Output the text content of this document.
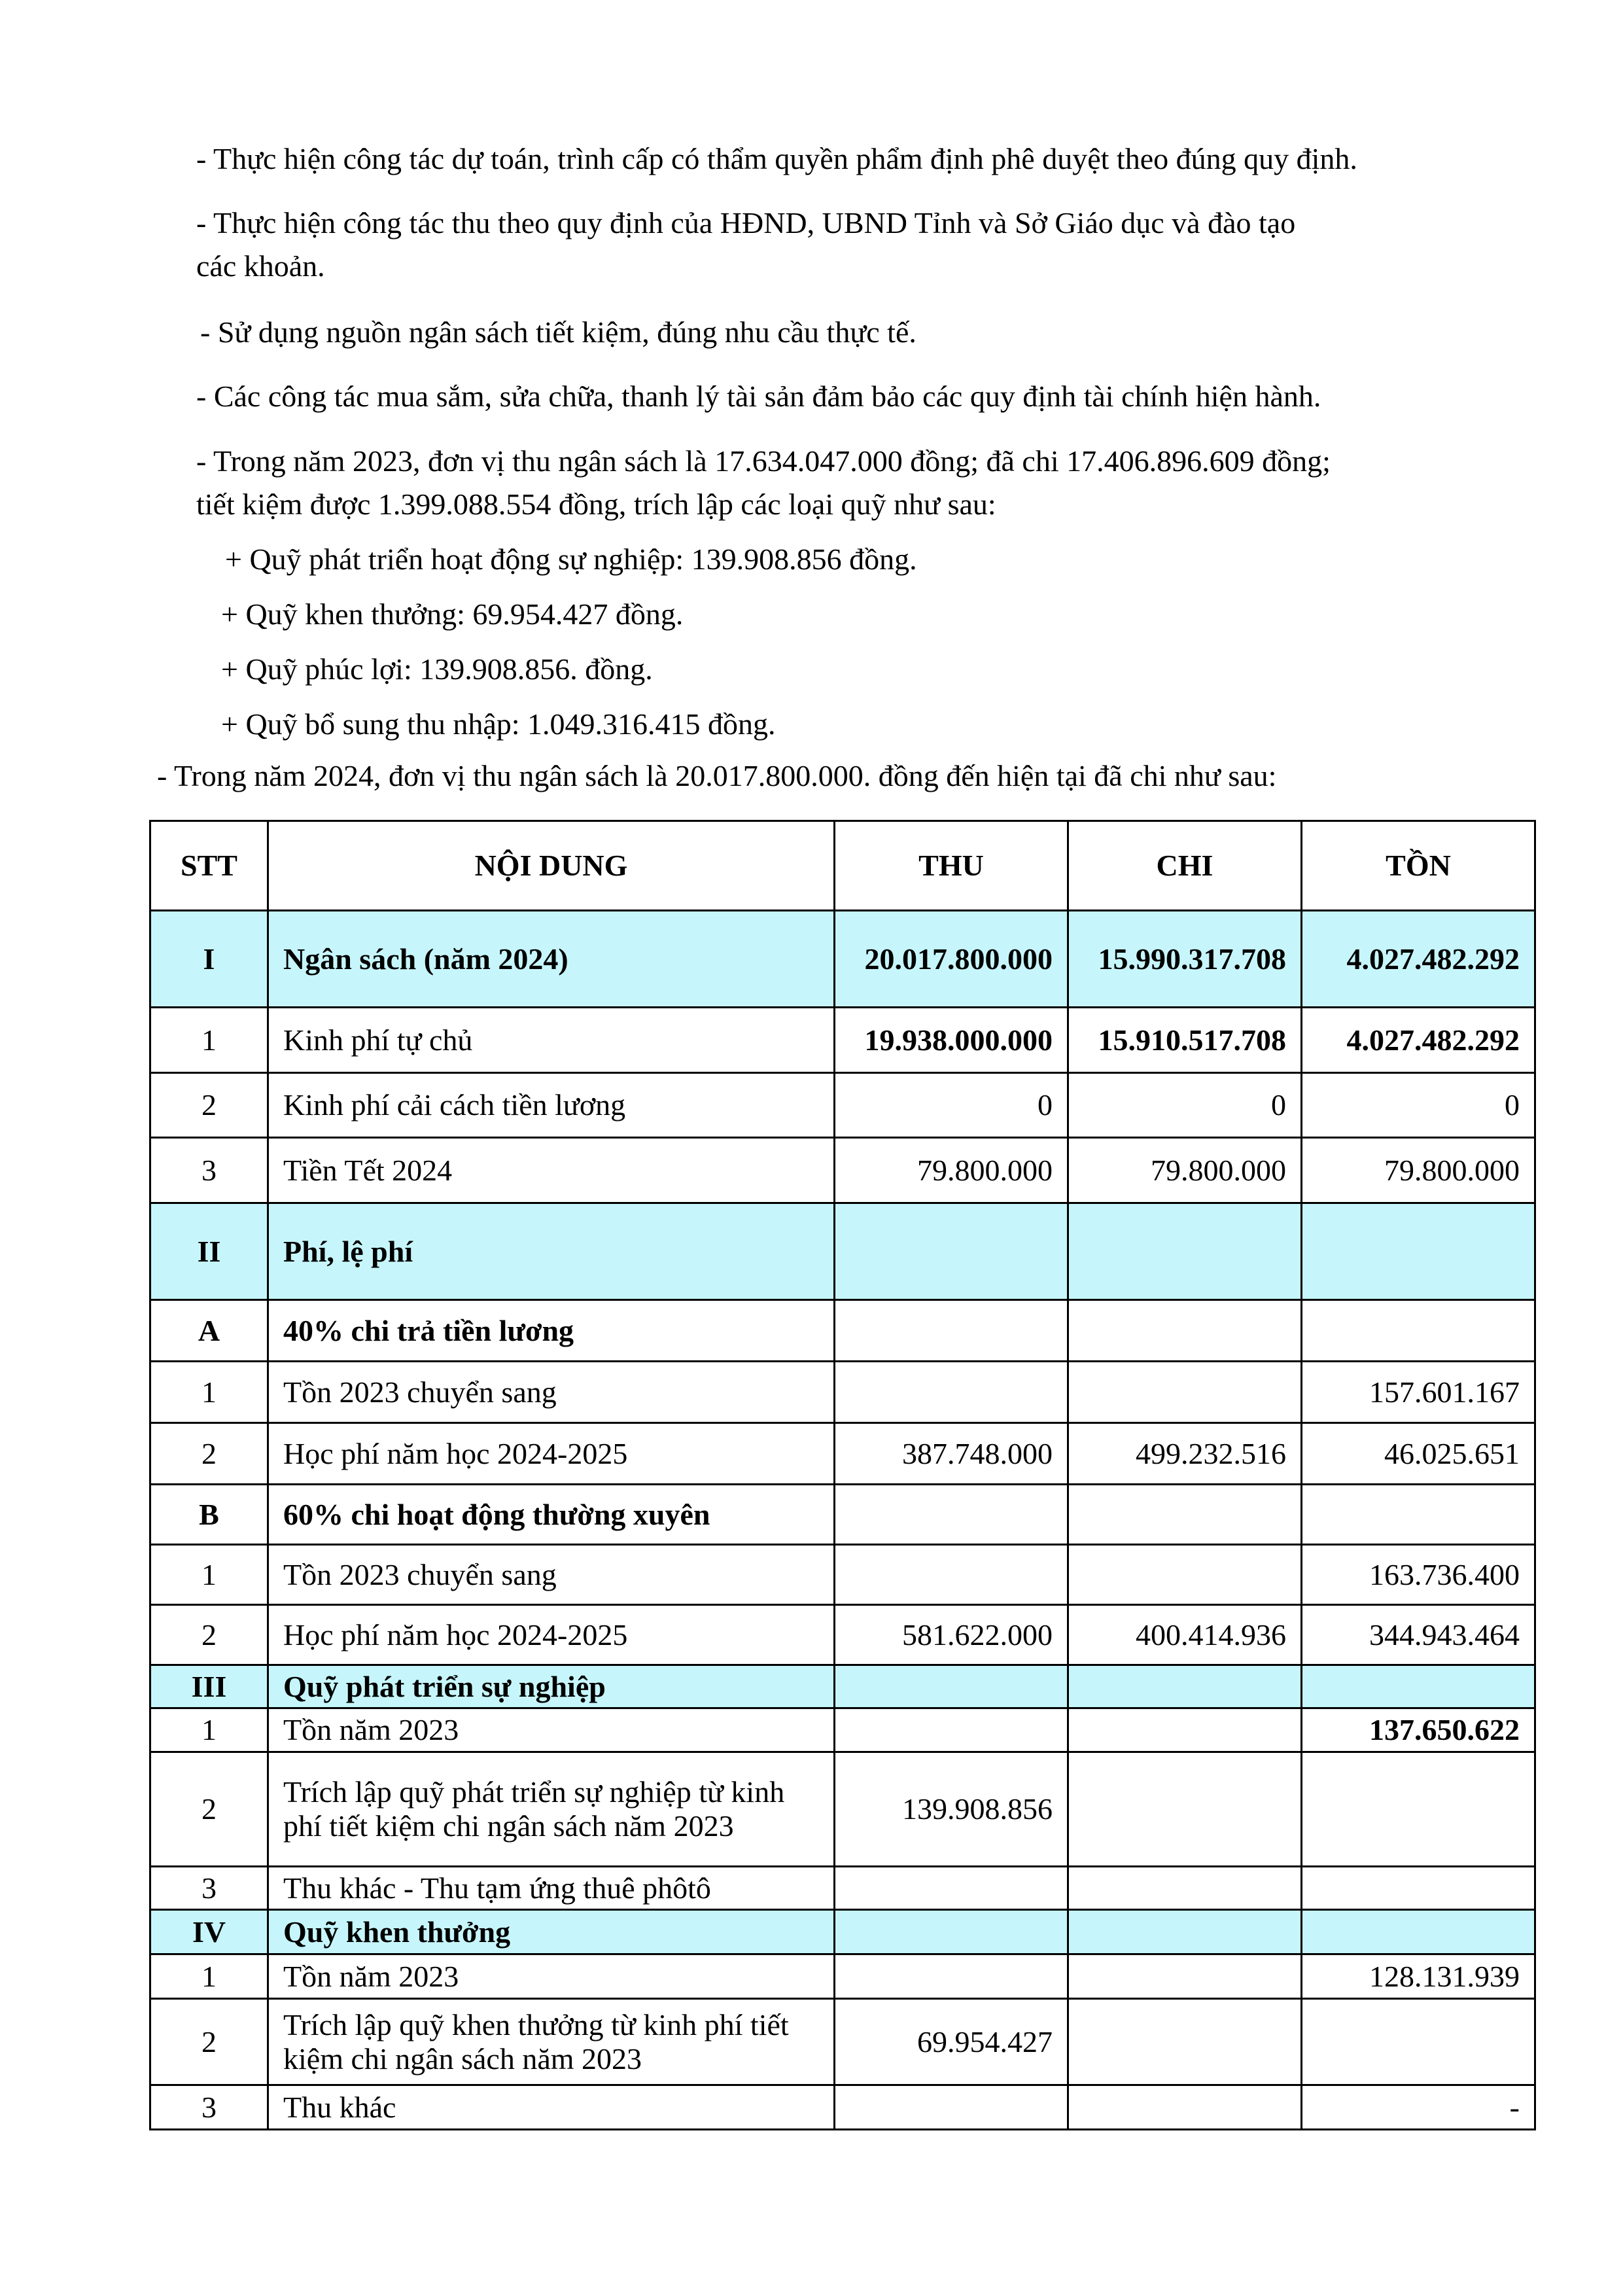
- Thực hiện công tác dự toán, trình cấp có thẩm quyền phẩm định phê duyệt theo đúng quy định.
- Thực hiện công tác thu theo quy định của HĐND, UBND Tỉnh và Sở Giáo dục và đào tạo
các khoản.
- Sử dụng nguồn ngân sách tiết kiệm, đúng nhu cầu thực tế.
- Các công tác mua sắm, sửa chữa, thanh lý tài sản đảm bảo các quy định tài chính hiện hành.
- Trong năm 2023, đơn vị thu ngân sách là 17.634.047.000 đồng; đã chi 17.406.896.609 đồng;
tiết kiệm được 1.399.088.554 đồng, trích lập các loại quỹ như sau:
+ Quỹ phát triển hoạt động sự nghiệp: 139.908.856 đồng.
+ Quỹ khen thưởng: 69.954.427 đồng.
+ Quỹ phúc lợi: 139.908.856. đồng.
+ Quỹ bổ sung thu nhập: 1.049.316.415 đồng.
- Trong năm 2024, đơn vị thu ngân sách là 20.017.800.000. đồng đến hiện tại đã chi như sau:
STT	NỘI DUNG	THU	CHI	TỒN
I	Ngân sách (năm 2024)	20.017.800.000	15.990.317.708	4.027.482.292
1	Kinh phí tự chủ	19.938.000.000	15.910.517.708	4.027.482.292
2	Kinh phí cải cách tiền lương	0	0	0
3	Tiền Tết 2024	79.800.000	79.800.000	79.800.000
II	Phí, lệ phí			
A	40% chi trả tiền lương			
1	Tồn 2023 chuyển sang			157.601.167
2	Học phí năm học 2024-2025	387.748.000	499.232.516	46.025.651
B	60% chi hoạt động thường xuyên			
1	Tồn 2023 chuyển sang			163.736.400
2	Học phí năm học 2024-2025	581.622.000	400.414.936	344.943.464
III	Quỹ phát triển sự nghiệp			
1	Tồn năm 2023			137.650.622
2	Trích lập quỹ phát triển sự nghiệp từ kinh phí tiết kiệm chi ngân sách năm 2023	139.908.856		
3	Thu khác - Thu tạm ứng thuê phôtô			
IV	Quỹ khen thưởng			
1	Tồn năm 2023			128.131.939
2	Trích lập quỹ khen thưởng từ kinh phí tiết kiệm chi ngân sách năm 2023	69.954.427		
3	Thu khác			-
